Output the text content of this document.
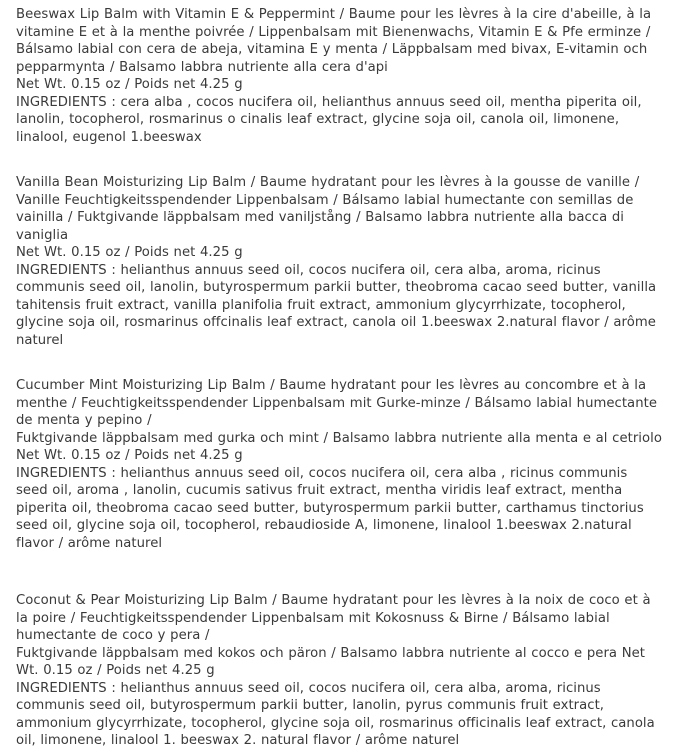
Beeswax Lip Balm with Vitamin E & Peppermint / Baume pour les lèvres à la cire d'abeille, à la vitamine E et à la menthe poivrée / Lippenbalsam mit Bienenwachs, Vitamin E & Pfe erminze / Bálsamo labial con cera de abeja, vitamina E y menta / Läppbalsam med bivax, E-vitamin och pepparmynta / Balsamo labbra nutriente alla cera d'api

Net Wt. 0.15 oz / Poids net 4.25 g

INGREDIENTS : cera alba , cocos nucifera oil, helianthus annuus seed oil, mentha piperita oil, lanolin, tocopherol, rosmarinus o cinalis leaf extract, glycine soja oil, canola oil, limonene, linalool, eugenol 1.beeswax

Vanilla Bean Moisturizing Lip Balm / Baume hydratant pour les lèvres à la gousse de vanille / Vanille Feuchtigkeitsspendender Lippenbalsam / Bálsamo labial humectante con semillas de vainilla / Fuktgivande läppbalsam med vaniljstång / Balsamo labbra nutriente alla bacca di vaniglia

Net Wt. 0.15 oz / Poids net 4.25 g

INGREDIENTS : helianthus annuus seed oil, cocos nucifera oil, cera alba, aroma, ricinus communis seed oil, lanolin, butyrospermum parkii butter, theobroma cacao seed butter, vanilla tahitensis fruit extract, vanilla planifolia fruit extract, ammonium glycyrrhizate, tocopherol, glycine soja oil, rosmarinus offcinalis leaf extract, canola oil 1.beeswax 2.natural flavor / arôme naturel

Cucumber Mint Moisturizing Lip Balm / Baume hydratant pour les lèvres au concombre et à la menthe / Feuchtigkeitsspendender Lippenbalsam mit Gurke-minze / Bálsamo labial humectante de menta y pepino /

Fuktgivande läppbalsam med gurka och mint / Balsamo labbra nutriente alla menta e al cetriolo Net Wt. 0.15 oz / Poids net 4.25 g

INGREDIENTS : helianthus annuus seed oil, cocos nucifera oil, cera alba , ricinus communis seed oil, aroma , lanolin, cucumis sativus fruit extract, mentha viridis leaf extract, mentha piperita oil, theobroma cacao seed butter, butyrospermum parkii butter, carthamus tinctorius seed oil, glycine soja oil, tocopherol, rebaudioside A, limonene, linalool 1.beeswax 2.natural flavor / arôme naturel

Coconut & Pear Moisturizing Lip Balm / Baume hydratant pour les lèvres à la noix de coco et à la poire / Feuchtigkeitsspendender Lippenbalsam mit Kokosnuss & Birne / Bálsamo labial humectante de coco y pera /

Fuktgivande läppbalsam med kokos och päron / Balsamo labbra nutriente al cocco e pera Net Wt. 0.15 oz / Poids net 4.25 g

INGREDIENTS : helianthus annuus seed oil, cocos nucifera oil, cera alba, aroma, ricinus communis seed oil, butyrospermum parkii butter, lanolin, pyrus communis fruit extract, ammonium glycyrrhizate, tocopherol, glycine soja oil, rosmarinus officinalis leaf extract, canola oil, limonene, linalool 1. beeswax 2. natural flavor / arôme naturel
